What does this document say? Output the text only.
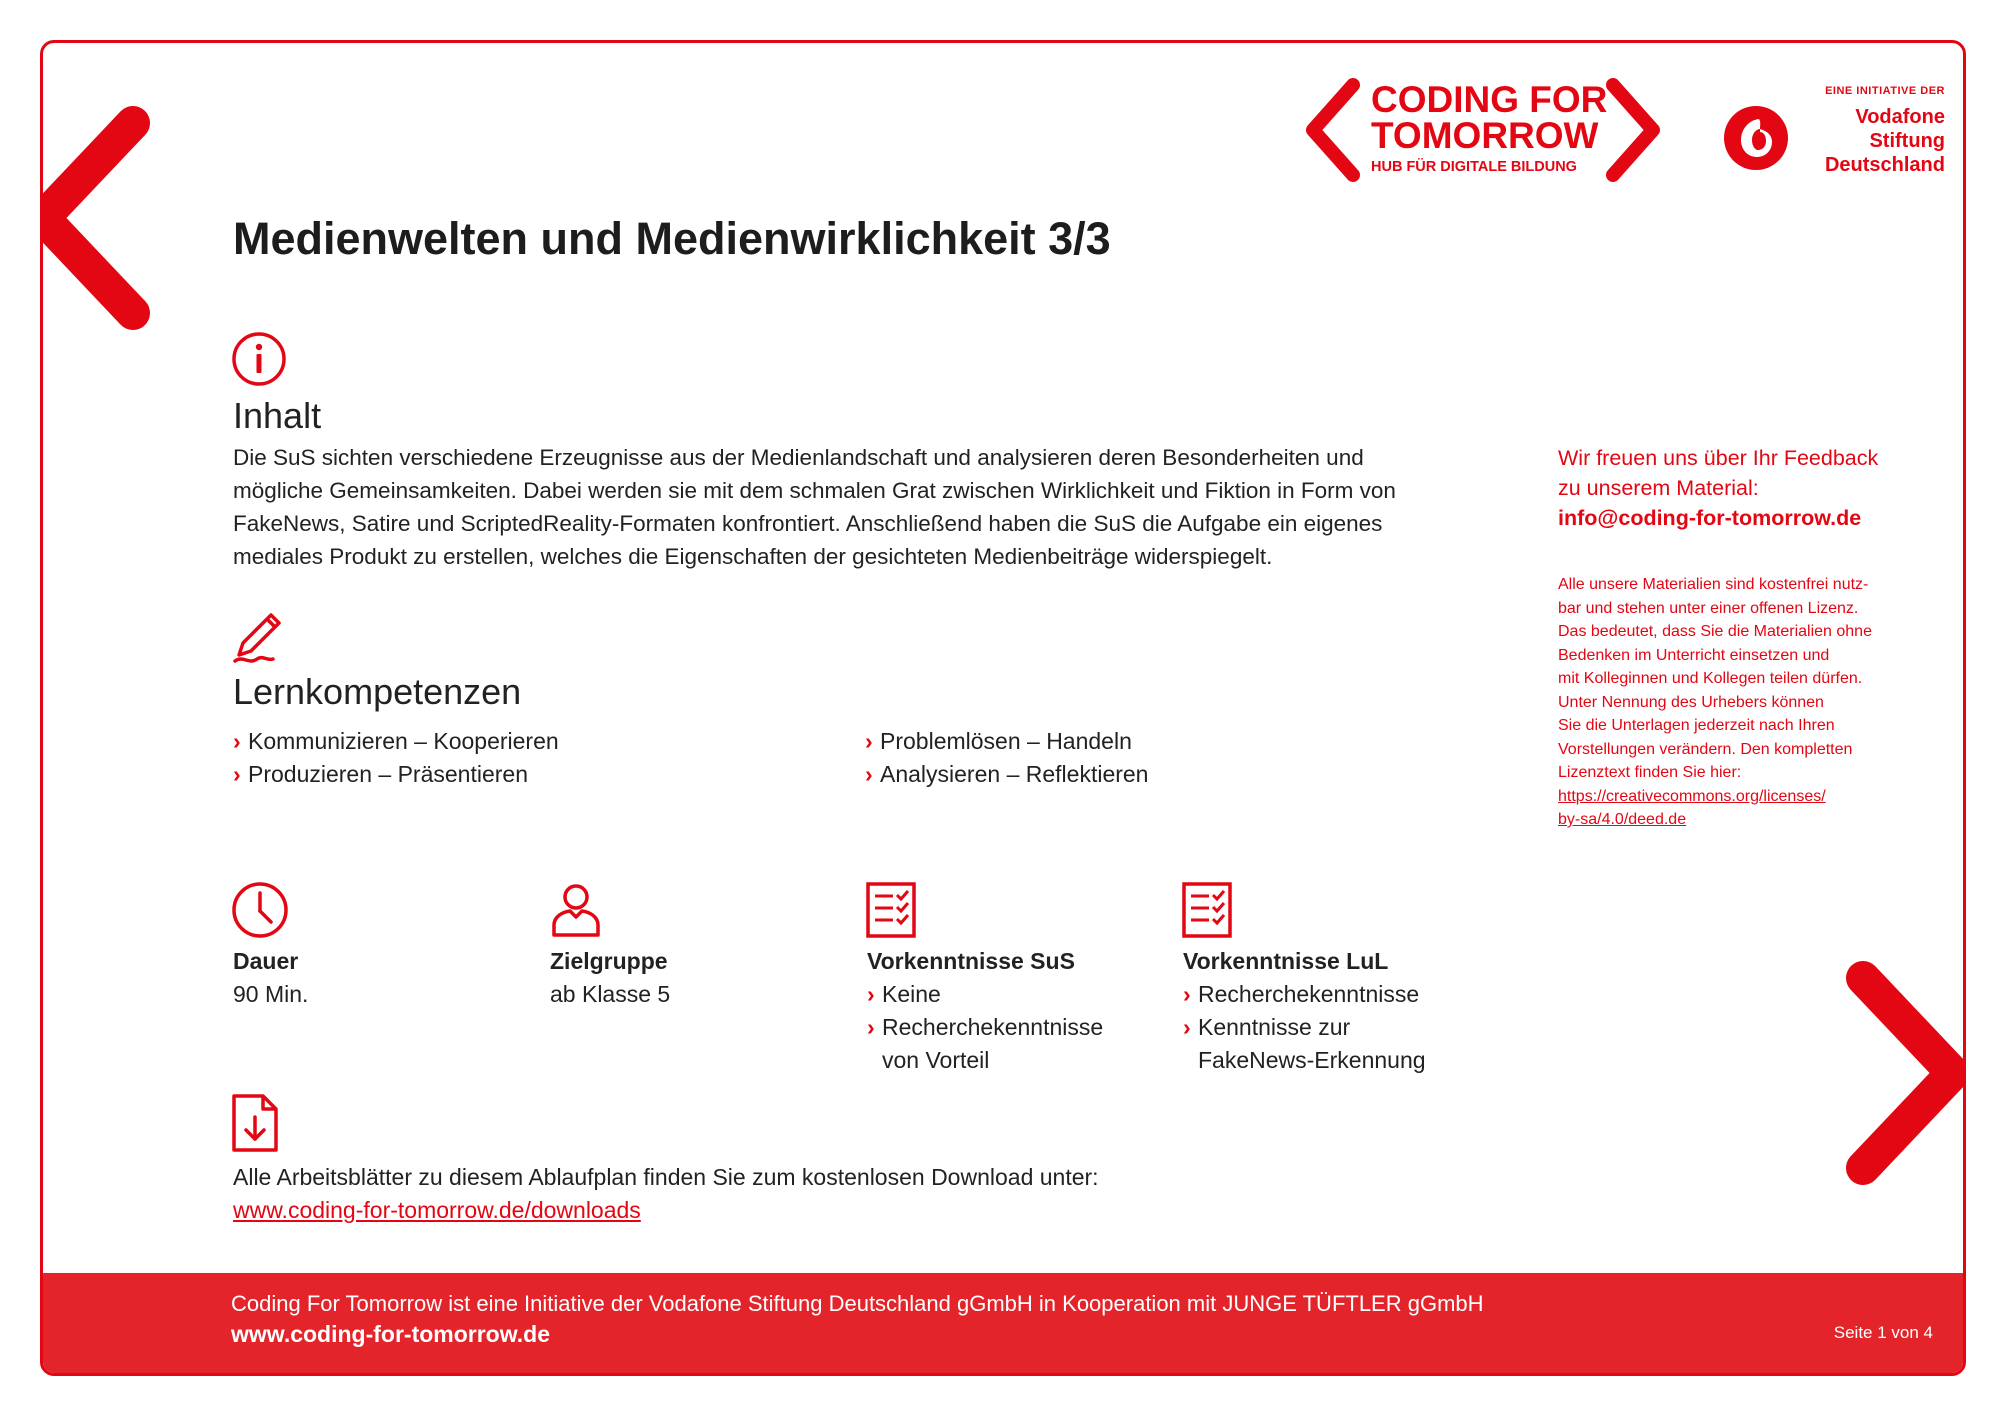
CODING FOR
TOMORROW
HUB FÜR DIGITALE BILDUNG
EINE INITIATIVE DER
Vodafone
Stiftung
Deutschland
Medienwelten und Medienwirklichkeit 3/3
Inhalt
Die SuS sichten verschiedene Erzeugnisse aus der Medienlandschaft und analysieren deren Besonderheiten und
mögliche Gemeinsamkeiten. Dabei werden sie mit dem schmalen Grat zwischen Wirklichkeit und Fiktion in Form von
FakeNews, Satire und ScriptedReality-Formaten konfrontiert. Anschließend haben die SuS die Aufgabe ein eigenes
mediales Produkt zu erstellen, welches die Eigenschaften der gesichteten Medienbeiträge widerspiegelt.
Lernkompetenzen
› Kommunizieren – Kooperieren
› Produzieren – Präsentieren
› Problemlösen – Handeln
› Analysieren – Reflektieren
Dauer
90 Min.
Zielgruppe
ab Klasse 5
Vorkenntnisse SuS
› Keine
› Recherchekenntnisse
von Vorteil
Vorkenntnisse LuL
› Recherchekenntnisse
› Kenntnisse zur
FakeNews-Erkennung
Alle Arbeitsblätter zu diesem Ablaufplan finden Sie zum kostenlosen Download unter:
www.coding-for-tomorrow.de/downloads
Wir freuen uns über Ihr Feedback
zu unserem Material:
info@coding-for-tomorrow.de
Alle unsere Materialien sind kostenfrei nutz-
bar und stehen unter einer offenen Lizenz.
Das bedeutet, dass Sie die Materialien ohne
Bedenken im Unterricht einsetzen und
mit Kolleginnen und Kollegen teilen dürfen.
Unter Nennung des Urhebers können
Sie die Unterlagen jederzeit nach Ihren
Vorstellungen verändern. Den kompletten
Lizenztext finden Sie hier:
https://creativecommons.org/licenses/
by-sa/4.0/deed.de
Coding For Tomorrow ist eine Initiative der Vodafone Stiftung Deutschland gGmbH in Kooperation mit JUNGE TÜFTLER gGmbH
www.coding-for-tomorrow.de	Seite 1 von 4
